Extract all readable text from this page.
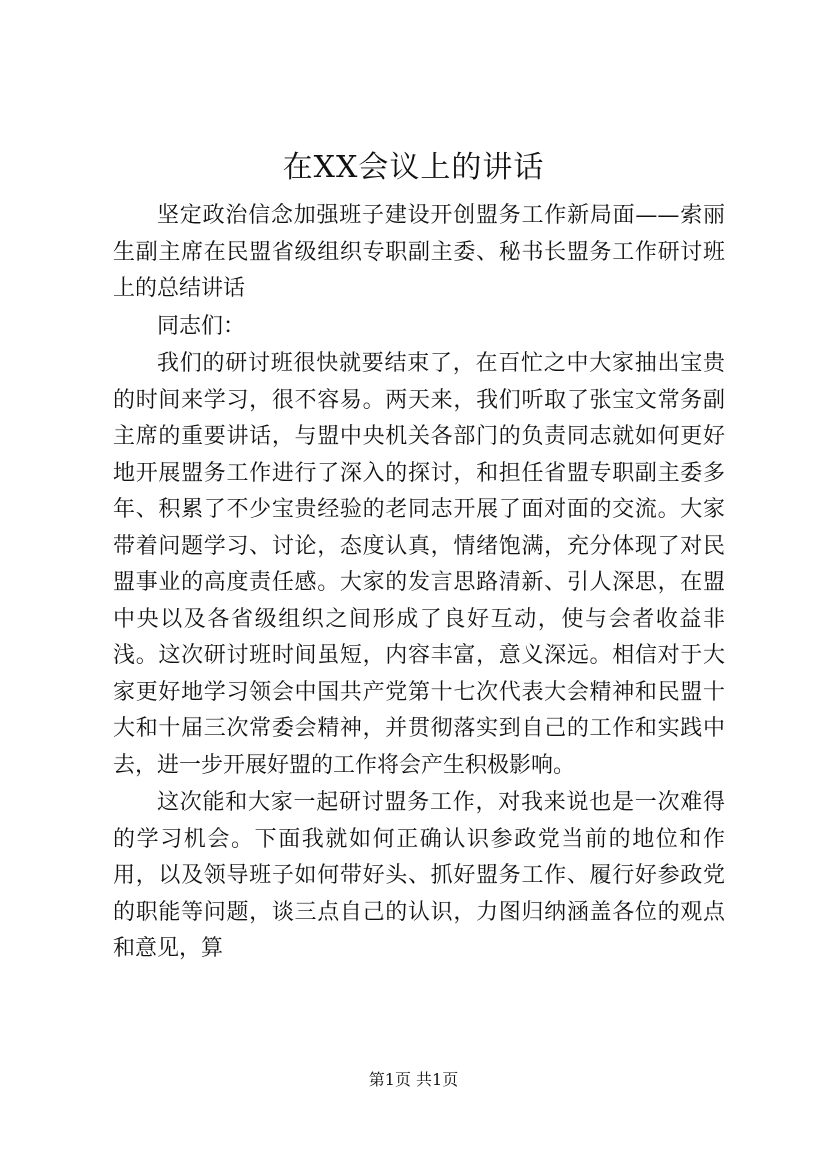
在XX会议上的讲话

坚定政治信念加强班子建设开创盟务工作新局面——索丽生副主席在民盟省级组织专职副主委、秘书长盟务工作研讨班上的总结讲话

同志们：

我们的研讨班很快就要结束了，在百忙之中大家抽出宝贵的时间来学习，很不容易。两天来，我们听取了张宝文常务副主席的重要讲话，与盟中央机关各部门的负责同志就如何更好地开展盟务工作进行了深入的探讨，和担任省盟专职副主委多年、积累了不少宝贵经验的老同志开展了面对面的交流。大家带着问题学习、讨论，态度认真，情绪饱满，充分体现了对民盟事业的高度责任感。大家的发言思路清新、引人深思，在盟中央以及各省级组织之间形成了良好互动，使与会者收益非浅。这次研讨班时间虽短，内容丰富，意义深远。相信对于大家更好地学习领会中国共产党第十七次代表大会精神和民盟十大和十届三次常委会精神，并贯彻落实到自己的工作和实践中去，进一步开展好盟的工作将会产生积极影响。

这次能和大家一起研讨盟务工作，对我来说也是一次难得的学习机会。下面我就如何正确认识参政党当前的地位和作用，以及领导班子如何带好头、抓好盟务工作、履行好参政党的职能等问题，谈三点自己的认识，力图归纳涵盖各位的观点和意见，算

第1页 共1页
